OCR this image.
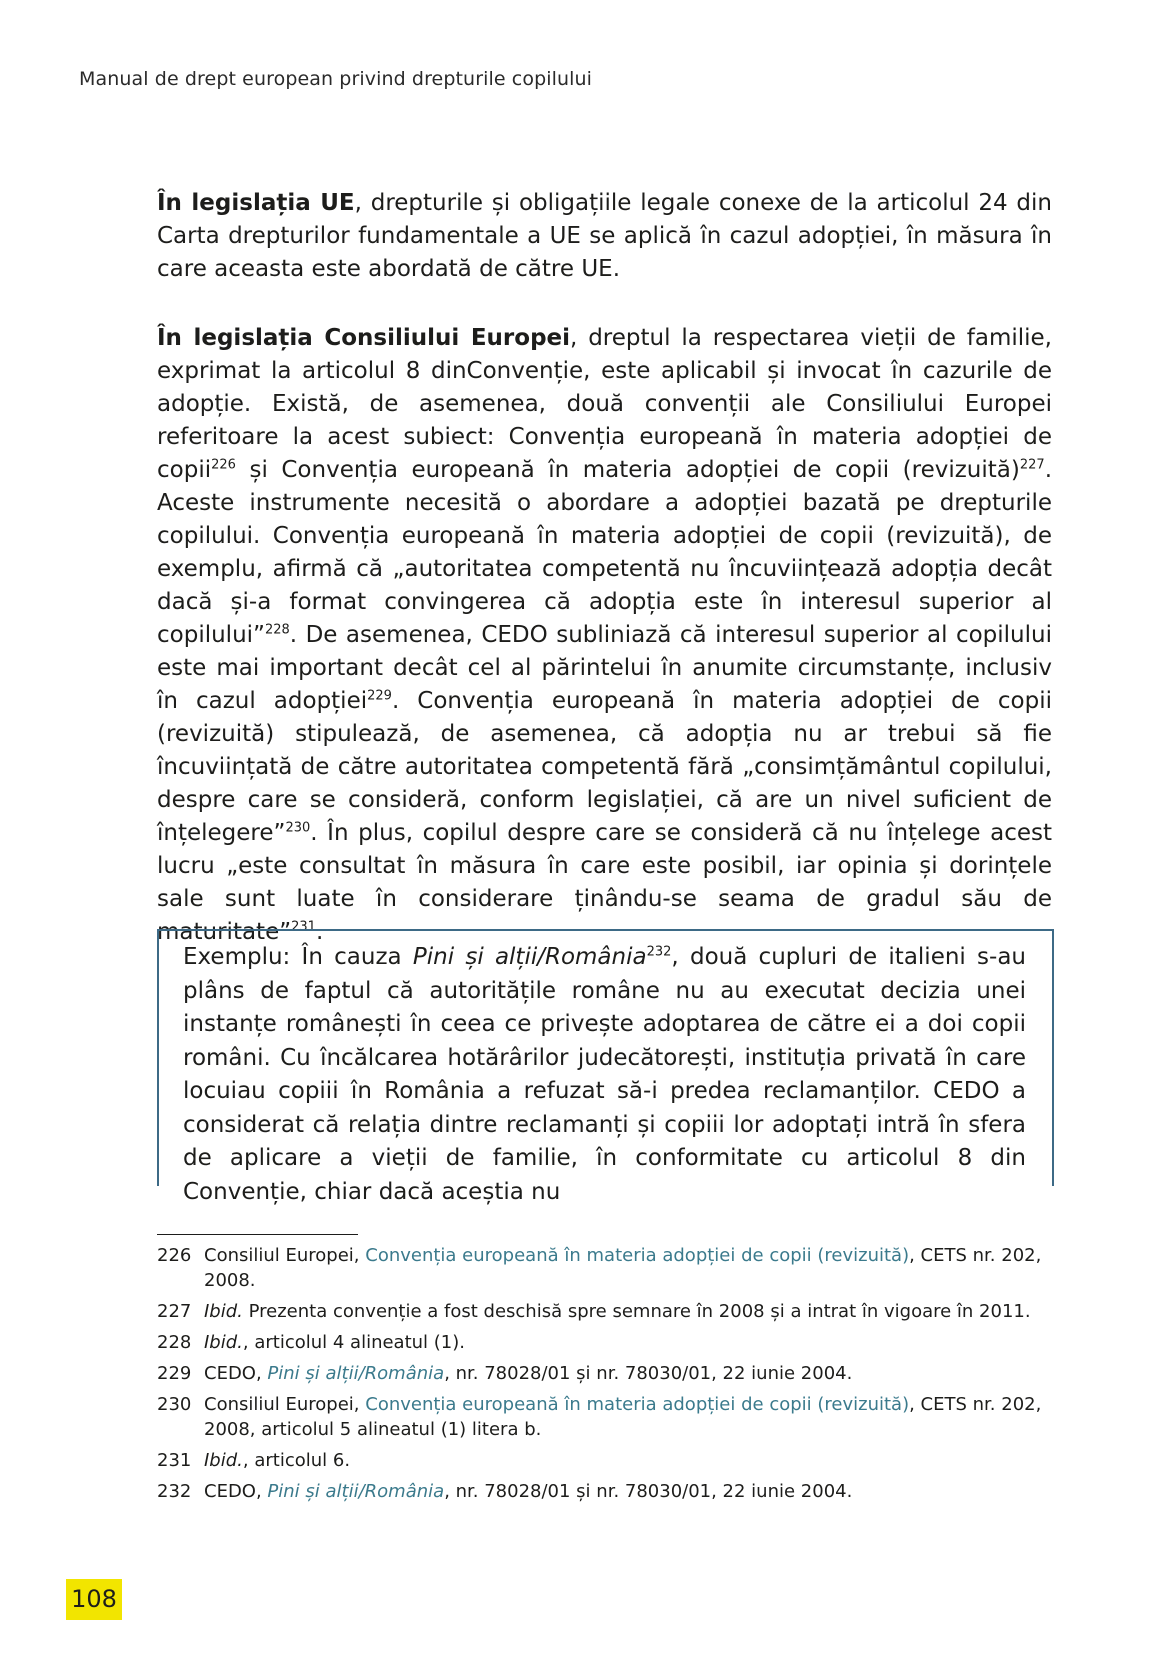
Manual de drept european privind drepturile copilului

În legislația UE, drepturile și obligațiile legale conexe de la articolul 24 din Carta drepturilor fundamentale a UE se aplică în cazul adopției, în măsura în care aceasta este abordată de către UE.

În legislația Consiliului Europei, dreptul la respectarea vieții de familie, exprimat la articolul 8 dinConvenție, este aplicabil și invocat în cazurile de adopție. Există, de asemenea, două convenții ale Consiliului Europei referitoare la acest subiect: Convenția europeană în materia adopției de copii$^{226}$ și Convenția europeană în materia adopției de copii (revizuită)$^{227}$. Aceste instrumente necesită o abordare a adopției bazată pe drepturile copilului. Convenția europeană în materia adopției de copii (revizuită), de exemplu, afirmă că „autoritatea competentă nu încuviințează adopția decât dacă și-a format convingerea că adopția este în interesul superior al copilului”$^{228}$. De asemenea, CEDO subliniază că interesul superior al copilului este mai important decât cel al părintelui în anumite circumstanțe, inclusiv în cazul adopției$^{229}$. Convenția europeană în materia adopției de copii (revizuită) stipulează, de asemenea, că adopția nu ar trebui să fie încuviințată de către autoritatea competentă fără „consimțământul copilului, despre care se consideră, conform legislației, că are un nivel suficient de înțelegere”$^{230}$. În plus, copilul despre care se consideră că nu înțelege acest lucru „este consultat în măsura în care este posibil, iar opinia și dorințele sale sunt luate în considerare ținându-se seama de gradul său de maturitate”$^{231}$.

Exemplu: În cauza Pini și alții/România$^{232}$, două cupluri de italieni s-au plâns de faptul că autoritățile române nu au executat decizia unei instanțe românești în ceea ce privește adoptarea de către ei a doi copii români. Cu încălcarea hotărârilor judecătorești, instituția privată în care locuiau copiii în România a refuzat să-i predea reclamanților. CEDO a considerat că relația dintre reclamanți și copiii lor adoptați intră în sfera de aplicare a vieții de familie, în conformitate cu articolul 8 din Convenție, chiar dacă aceștia nu

226 Consiliul Europei, Convenția europeană în materia adopției de copii (revizuită), CETS nr. 202, 2008.
227 Ibid. Prezenta convenție a fost deschisă spre semnare în 2008 și a intrat în vigoare în 2011.
228 Ibid., articolul 4 alineatul (1).
229 CEDO, Pini și alții/România, nr. 78028/01 și nr. 78030/01, 22 iunie 2004.
230 Consiliul Europei, Convenția europeană în materia adopției de copii (revizuită), CETS nr. 202, 2008, articolul 5 alineatul (1) litera b.
231 Ibid., articolul 6.
232 CEDO, Pini și alții/România, nr. 78028/01 și nr. 78030/01, 22 iunie 2004.
108
